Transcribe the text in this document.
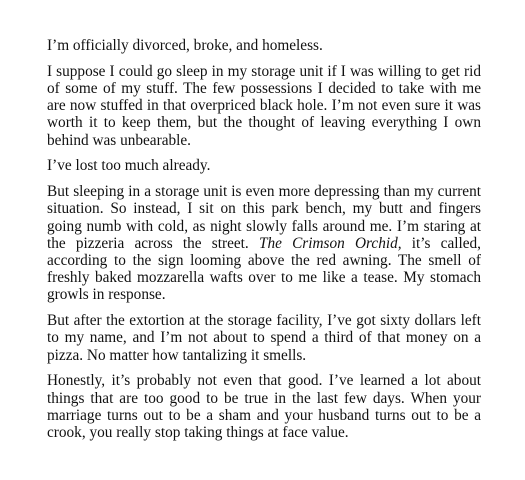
I’m officially divorced, broke, and homeless.

I suppose I could go sleep in my storage unit if I was willing to get rid of some of my stuff. The few possessions I decided to take with me are now stuffed in that overpriced black hole. I’m not even sure it was worth it to keep them, but the thought of leaving everything I own behind was unbearable.

I’ve lost too much already.

But sleeping in a storage unit is even more depressing than my current situation. So instead, I sit on this park bench, my butt and fingers going numb with cold, as night slowly falls around me. I’m staring at the pizzeria across the street. The Crimson Orchid, it’s called, according to the sign looming above the red awning. The smell of freshly baked mozzarella wafts over to me like a tease. My stomach growls in response.

But after the extortion at the storage facility, I’ve got sixty dollars left to my name, and I’m not about to spend a third of that money on a pizza. No matter how tantalizing it smells.

Honestly, it’s probably not even that good. I’ve learned a lot about things that are too good to be true in the last few days. When your marriage turns out to be a sham and your husband turns out to be a crook, you really stop taking things at face value.
